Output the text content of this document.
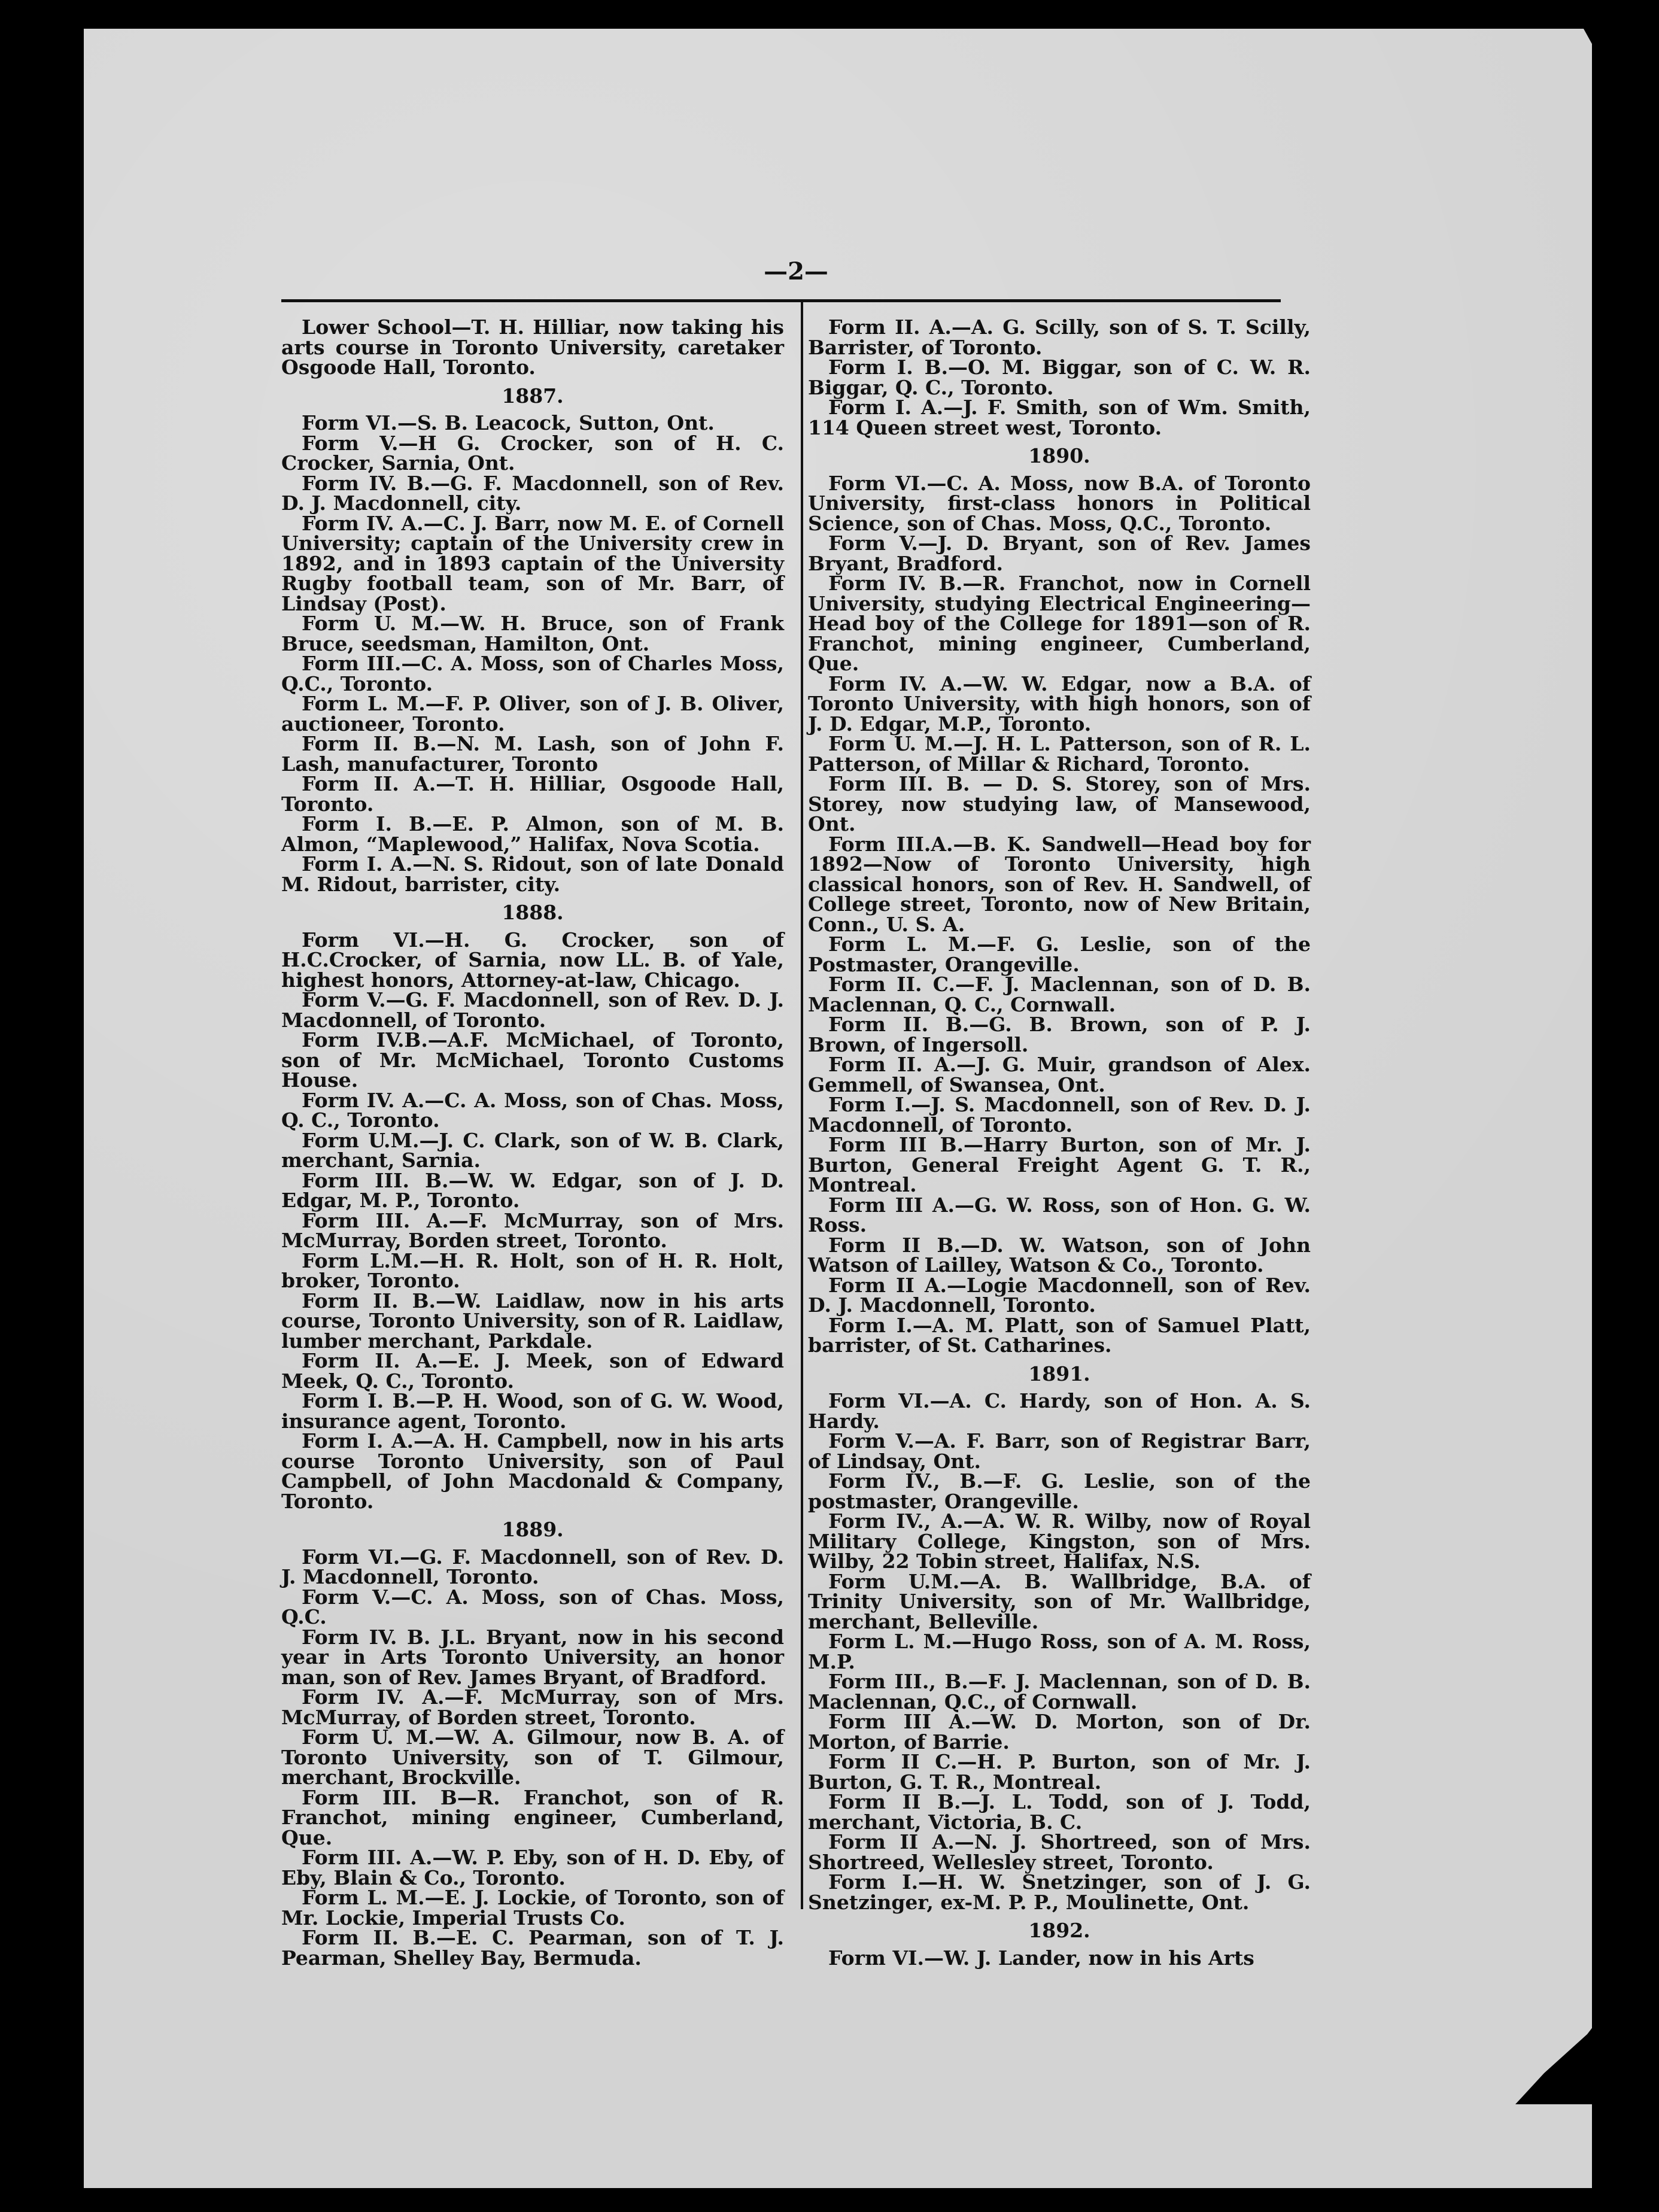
—2—

Lower School—T. H. Hilliar, now taking his arts course in Toronto University, caretaker Osgoode Hall, Toronto.

1887.

Form VI.—S. B. Leacock, Sutton, Ont.

Form V.—H G. Crocker, son of H. C. Crocker, Sarnia, Ont.

Form IV. B.—G. F. Macdonnell, son of Rev. D. J. Macdonnell, city.

Form IV. A.—C. J. Barr, now M. E. of Cornell University; captain of the University crew in 1892, and in 1893 captain of the University Rugby football team, son of Mr. Barr, of Lindsay (Post).

Form U. M.—W. H. Bruce, son of Frank Bruce, seedsman, Hamilton, Ont.

Form III.—C. A. Moss, son of Charles Moss, Q.C., Toronto.

Form L. M.—F. P. Oliver, son of J. B. Oliver, auctioneer, Toronto.

Form II. B.—N. M. Lash, son of John F. Lash, manufacturer, Toronto

Form II. A.—T. H. Hilliar, Osgoode Hall, Toronto.

Form I. B.—E. P. Almon, son of M. B. Almon, “Maplewood,” Halifax, Nova Scotia.

Form I. A.—N. S. Ridout, son of late Donald M. Ridout, barrister, city.

1888.

Form VI.—H. G. Crocker, son of H.C.Crocker, of Sarnia, now LL. B. of Yale, highest honors, Attorney-at-law, Chicago.

Form V.—G. F. Macdonnell, son of Rev. D. J. Macdonnell, of Toronto.

Form IV.B.—A.F. McMichael, of Toronto, son of Mr. McMichael, Toronto Customs House.

Form IV. A.—C. A. Moss, son of Chas. Moss, Q. C., Toronto.

Form U.M.—J. C. Clark, son of W. B. Clark, merchant, Sarnia.

Form III. B.—W. W. Edgar, son of J. D. Edgar, M. P., Toronto.

Form III. A.—F. McMurray, son of Mrs. McMurray, Borden street, Toronto.

Form L.M.—H. R. Holt, son of H. R. Holt, broker, Toronto.

Form II. B.—W. Laidlaw, now in his arts course, Toronto University, son of R. Laidlaw, lumber merchant, Parkdale.

Form II. A.—E. J. Meek, son of Edward Meek, Q. C., Toronto.

Form I. B.—P. H. Wood, son of G. W. Wood, insurance agent, Toronto.

Form I. A.—A. H. Campbell, now in his arts course Toronto University, son of Paul Campbell, of John Macdonald & Company, Toronto.

1889.

Form VI.—G. F. Macdonnell, son of Rev. D. J. Macdonnell, Toronto.

Form V.—C. A. Moss, son of Chas. Moss, Q.C.

Form IV. B. J.L. Bryant, now in his second year in Arts Toronto University, an honor man, son of Rev. James Bryant, of Bradford.

Form IV. A.—F. McMurray, son of Mrs. McMurray, of Borden street, Toronto.

Form U. M.—W. A. Gilmour, now B. A. of Toronto University, son of T. Gilmour, merchant, Brockville.

Form III. B—R. Franchot, son of R. Franchot, mining engineer, Cumberland, Que.

Form III. A.—W. P. Eby, son of H. D. Eby, of Eby, Blain & Co., Toronto.

Form L. M.—E. J. Lockie, of Toronto, son of Mr. Lockie, Imperial Trusts Co.

Form II. B.—E. C. Pearman, son of T. J. Pearman, Shelley Bay, Bermuda.

Form II. A.—A. G. Scilly, son of S. T. Scilly, Barrister, of Toronto.

Form I. B.—O. M. Biggar, son of C. W. R. Biggar, Q. C., Toronto.

Form I. A.—J. F. Smith, son of Wm. Smith, 114 Queen street west, Toronto.

1890.

Form VI.—C. A. Moss, now B.A. of Toronto University, first-class honors in Political Science, son of Chas. Moss, Q.C., Toronto.

Form V.—J. D. Bryant, son of Rev. James Bryant, Bradford.

Form IV. B.—R. Franchot, now in Cornell University, studying Electrical Engineering—Head boy of the College for 1891—son of R. Franchot, mining engineer, Cumberland, Que.

Form IV. A.—W. W. Edgar, now a B.A. of Toronto University, with high honors, son of J. D. Edgar, M.P., Toronto.

Form U. M.—J. H. L. Patterson, son of R. L. Patterson, of Millar & Richard, Toronto.

Form III. B. — D. S. Storey, son of Mrs. Storey, now studying law, of Mansewood, Ont.

Form III.A.—B. K. Sandwell—Head boy for 1892—Now of Toronto University, high classical honors, son of Rev. H. Sandwell, of College street, Toronto, now of New Britain, Conn., U. S. A.

Form L. M.—F. G. Leslie, son of the Postmaster, Orangeville.

Form II. C.—F. J. Maclennan, son of D. B. Maclennan, Q. C., Cornwall.

Form II. B.—G. B. Brown, son of P. J. Brown, of Ingersoll.

Form II. A.—J. G. Muir, grandson of Alex. Gemmell, of Swansea, Ont.

Form I.—J. S. Macdonnell, son of Rev. D. J. Macdonnell, of Toronto.

Form III B.—Harry Burton, son of Mr. J. Burton, General Freight Agent G. T. R., Montreal.

Form III A.—G. W. Ross, son of Hon. G. W. Ross.

Form II B.—D. W. Watson, son of John Watson of Lailley, Watson & Co., Toronto.

Form II A.—Logie Macdonnell, son of Rev. D. J. Macdonnell, Toronto.

Form I.—A. M. Platt, son of Samuel Platt, barrister, of St. Catharines.

1891.

Form VI.—A. C. Hardy, son of Hon. A. S. Hardy.

Form V.—A. F. Barr, son of Registrar Barr, of Lindsay, Ont.

Form IV., B.—F. G. Leslie, son of the postmaster, Orangeville.

Form IV., A.—A. W. R. Wilby, now of Royal Military College, Kingston, son of Mrs. Wilby, 22 Tobin street, Halifax, N.S.

Form U.M.—A. B. Wallbridge, B.A. of Trinity University, son of Mr. Wallbridge, merchant, Belleville.

Form L. M.—Hugo Ross, son of A. M. Ross, M.P.

Form III., B.—F. J. Maclennan, son of D. B. Maclennan, Q.C., of Cornwall.

Form III A.—W. D. Morton, son of Dr. Morton, of Barrie.

Form II C.—H. P. Burton, son of Mr. J. Burton, G. T. R., Montreal.

Form II B.—J. L. Todd, son of J. Todd, merchant, Victoria, B. C.

Form II A.—N. J. Shortreed, son of Mrs. Shortreed, Wellesley street, Toronto.

Form I.—H. W. Snetzinger, son of J. G. Snetzinger, ex-M. P. P., Moulinette, Ont.

1892.

Form VI.—W. J. Lander, now in his Arts
